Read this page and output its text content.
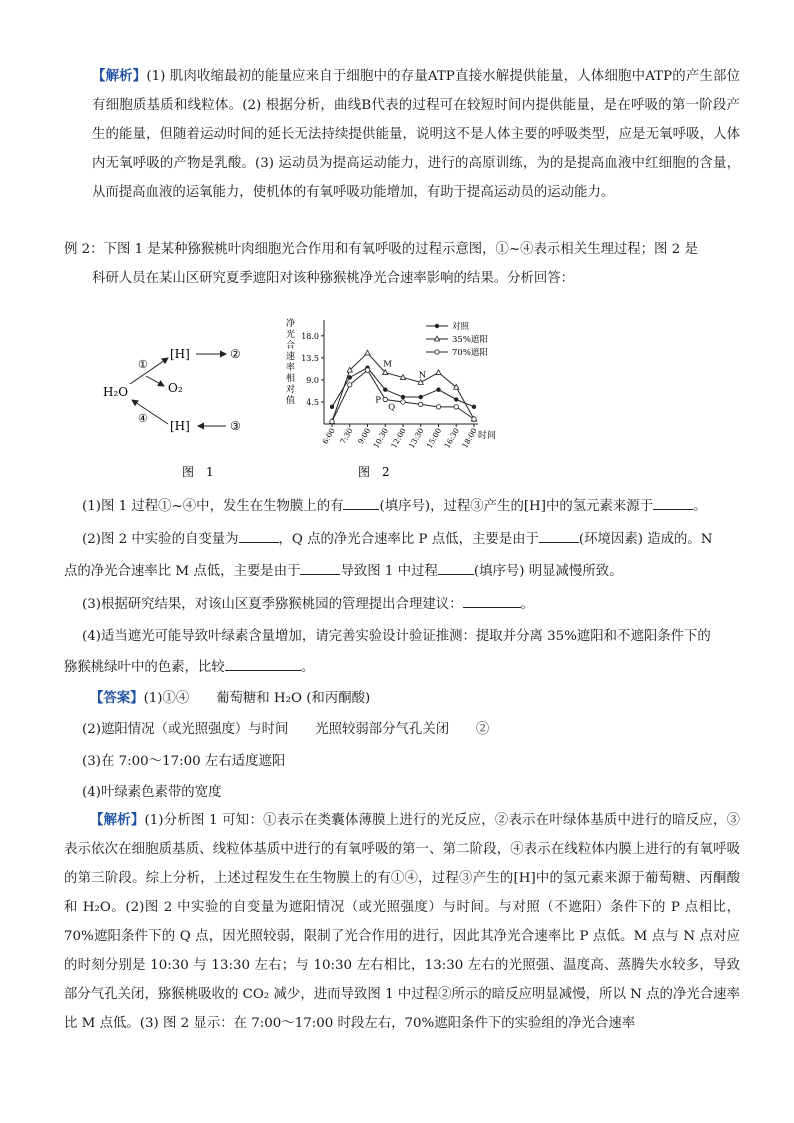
【解析】(1) 肌肉收缩最初的能量应来自于细胞中的存量ATP直接水解提供能量，人体细胞中ATP的产生部位有细胞质基质和线粒体。(2) 根据分析，曲线B代表的过程可在较短时间内提供能量，是在呼吸的第一阶段产生的能量，但随着运动时间的延长无法持续提供能量，说明这不是人体主要的呼吸类型，应是无氧呼吸，人体内无氧呼吸的产物是乳酸。(3) 运动员为提高运动能力，进行的高原训练，为的是提高血液中红细胞的含量，从而提高血液的运氧能力，使机体的有氧呼吸功能增加，有助于提高运动员的运动能力。
例 2：下图 1 是某种猕猴桃叶肉细胞光合作用和有氧呼吸的过程示意图，①~④表示相关生理过程；图 2 是
科研人员在某山区研究夏季遮阳对该种猕猴桃净光合速率影响的结果。分析回答：
H₂O
①
[H]	②
O₂
④
[H]	③
图　1
净
光
合
速
率
相
对
值 4.5
9.0
13.5
18.0
6:00 7:30 9:00 10:30 12:00 13:30 15:00 16:30 18:00
对照
35%遮阳
70%遮阳
M
N
P
Q
时间
图　2
(1)图 1 过程①~④中，发生在生物膜上的有	(填序号)，过程③产生的[H]中的氢元素来源于	。
(2)图 2 中实验的自变量为	，Q 点的净光合速率比 P 点低，主要是由于	(环境因素) 造成的。N
点的净光合速率比 M 点低，主要是由于	导致图 1 中过程	(填序号) 明显减慢所致。
(3)根据研究结果，对该山区夏季猕猴桃园的管理提出合理建议：	。
(4)适当遮光可能导致叶绿素含量增加，请完善实验设计验证推测：提取并分离 35%遮阳和不遮阳条件下的
猕猴桃绿叶中的色素，比较	。
【答案】(1)①④　　葡萄糖和 H₂O (和丙酮酸)
(2)遮阳情况（或光照强度）与时间　　光照较弱部分气孔关闭　　②
(3)在 7:00～17:00 左右适度遮阳
(4)叶绿素色素带的宽度
【解析】(1)分析图 1 可知：①表示在类囊体薄膜上进行的光反应，②表示在叶绿体基质中进行的暗反应，③表示依次在细胞质基质、线粒体基质中进行的有氧呼吸的第一、第二阶段，④表示在线粒体内膜上进行的有氧呼吸的第三阶段。综上分析，上述过程发生在生物膜上的有①④，过程③产生的[H]中的氢元素来源于葡萄糖、丙酮酸和 H₂O。(2)图 2 中实验的自变量为遮阳情况（或光照强度）与时间。与对照（不遮阳）条件下的 P 点相比，70%遮阳条件下的 Q 点，因光照较弱，限制了光合作用的进行，因此其净光合速率比 P 点低。M 点与 N 点对应的时刻分别是 10:30 与 13:30 左右；与 10:30 左右相比，13:30 左右的光照强、温度高、蒸腾失水较多，导致部分气孔关闭，猕猴桃吸收的 CO₂ 减少，进而导致图 1 中过程②所示的暗反应明显减慢，所以 N 点的净光合速率比 M 点低。(3) 图 2 显示：在 7:00～17:00 时段左右，70%遮阳条件下的实验组的净光合速率
